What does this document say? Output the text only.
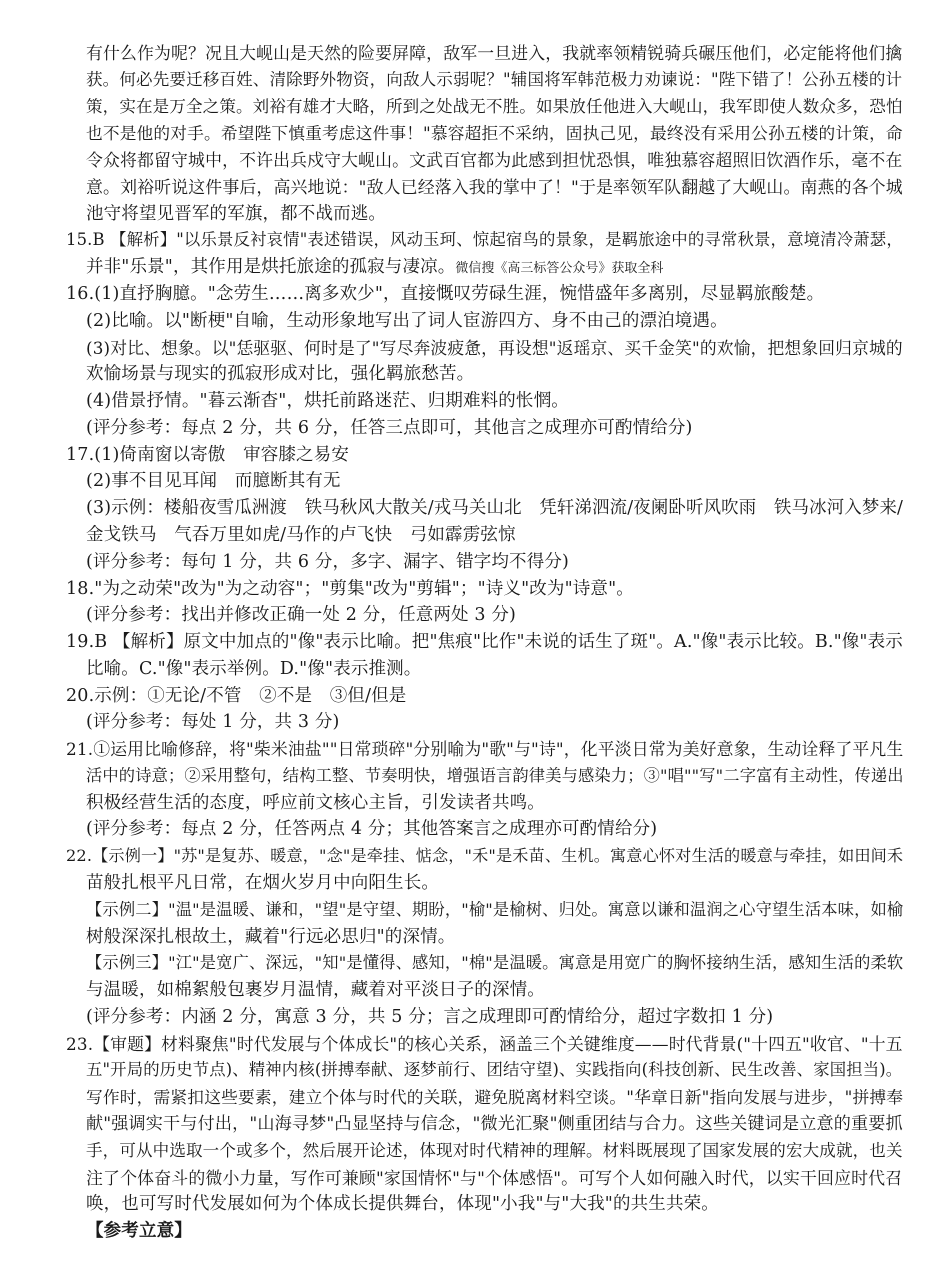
有什么作为呢？况且大岘山是天然的险要屏障，敌军一旦进入，我就率领精锐骑兵碾压他们，必定能将他们擒
获。何必先要迁移百姓、清除野外物资，向敌人示弱呢？"辅国将军韩范极力劝谏说："陛下错了！公孙五楼的计
策，实在是万全之策。刘裕有雄才大略，所到之处战无不胜。如果放任他进入大岘山，我军即使人数众多，恐怕
也不是他的对手。希望陛下慎重考虑这件事！"慕容超拒不采纳，固执己见，最终没有采用公孙五楼的计策，命
令众将都留守城中，不许出兵戍守大岘山。文武百官都为此感到担忧恐惧，唯独慕容超照旧饮酒作乐，毫不在
意。刘裕听说这件事后，高兴地说："敌人已经落入我的掌中了！"于是率领军队翻越了大岘山。南燕的各个城
池守将望见晋军的军旗，都不战而逃。
15.B 【解析】"以乐景反衬哀情"表述错误，风动玉珂、惊起宿鸟的景象，是羁旅途中的寻常秋景，意境清冷萧瑟，
并非"乐景"，其作用是烘托旅途的孤寂与凄凉。微信搜《高三标答公众号》获取全科
16.(1)直抒胸臆。"念劳生……离多欢少"，直接慨叹劳碌生涯，惋惜盛年多离别，尽显羁旅酸楚。
(2)比喻。以"断梗"自喻，生动形象地写出了词人宦游四方、身不由己的漂泊境遇。
(3)对比、想象。以"恁驱驱、何时是了"写尽奔波疲惫，再设想"返瑶京、买千金笑"的欢愉，把想象回归京城的
欢愉场景与现实的孤寂形成对比，强化羁旅愁苦。
(4)借景抒情。"暮云渐杳"，烘托前路迷茫、归期难料的怅惘。
(评分参考：每点 2 分，共 6 分，任答三点即可，其他言之成理亦可酌情给分)
17.(1)倚南窗以寄傲　审容膝之易安
(2)事不目见耳闻　而臆断其有无
(3)示例：楼船夜雪瓜洲渡　铁马秋风大散关/戎马关山北　凭轩涕泗流/夜阑卧听风吹雨　铁马冰河入梦来/
金戈铁马　气吞万里如虎/马作的卢飞快　弓如霹雳弦惊
(评分参考：每句 1 分，共 6 分，多字、漏字、错字均不得分)
18."为之动荣"改为"为之动容"；"剪集"改为"剪辑"；"诗义"改为"诗意"。
(评分参考：找出并修改正确一处 2 分，任意两处 3 分)
19.B 【解析】原文中加点的"像"表示比喻。把"焦痕"比作"未说的话生了斑"。A."像"表示比较。B."像"表示
比喻。C."像"表示举例。D."像"表示推测。
20.示例：①无论/不管　②不是　③但/但是
(评分参考：每处 1 分，共 3 分)
21.①运用比喻修辞，将"柴米油盐""日常琐碎"分别喻为"歌"与"诗"，化平淡日常为美好意象，生动诠释了平凡生
活中的诗意；②采用整句，结构工整、节奏明快，增强语言韵律美与感染力；③"唱""写"二字富有主动性，传递出
积极经营生活的态度，呼应前文核心主旨，引发读者共鸣。
(评分参考：每点 2 分，任答两点 4 分；其他答案言之成理亦可酌情给分)
22.【示例一】"苏"是复苏、暖意，"念"是牵挂、惦念，"禾"是禾苗、生机。寓意心怀对生活的暖意与牵挂，如田间禾
苗般扎根平凡日常，在烟火岁月中向阳生长。
【示例二】"温"是温暖、谦和，"望"是守望、期盼，"榆"是榆树、归处。寓意以谦和温润之心守望生活本味，如榆
树般深深扎根故土，藏着"行远必思归"的深情。
【示例三】"江"是宽广、深远，"知"是懂得、感知，"棉"是温暖。寓意是用宽广的胸怀接纳生活，感知生活的柔软
与温暖，如棉絮般包裹岁月温情，藏着对平淡日子的深情。
(评分参考：内涵 2 分，寓意 3 分，共 5 分；言之成理即可酌情给分，超过字数扣 1 分)
23.【审题】材料聚焦"时代发展与个体成长"的核心关系，涵盖三个关键维度——时代背景("十四五"收官、"十五
五"开局的历史节点)、精神内核(拼搏奉献、逐梦前行、团结守望)、实践指向(科技创新、民生改善、家国担当)。
写作时，需紧扣这些要素，建立个体与时代的关联，避免脱离材料空谈。"华章日新"指向发展与进步，"拼搏奉
献"强调实干与付出，"山海寻梦"凸显坚持与信念，"微光汇聚"侧重团结与合力。这些关键词是立意的重要抓
手，可从中选取一个或多个，然后展开论述，体现对时代精神的理解。材料既展现了国家发展的宏大成就，也关
注了个体奋斗的微小力量，写作可兼顾"家国情怀"与"个体感悟"。可写个人如何融入时代，以实干回应时代召
唤，也可写时代发展如何为个体成长提供舞台，体现"小我"与"大我"的共生共荣。
【参考立意】
